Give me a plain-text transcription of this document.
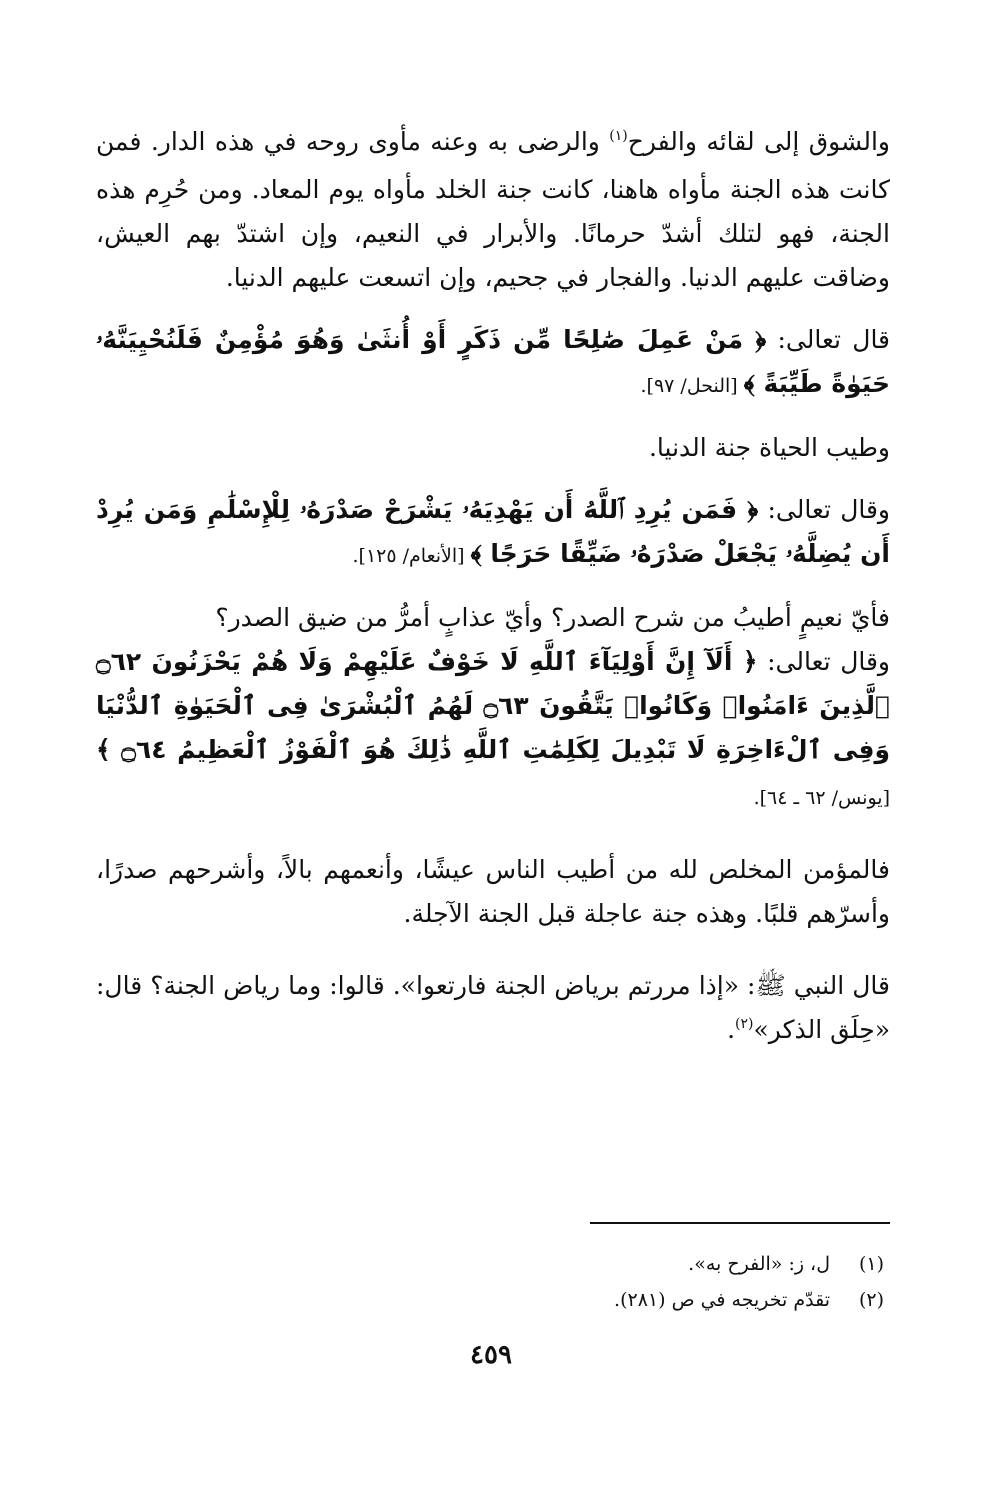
والشوق إلى لقائه والفرح$^{(١)}$ والرضى به وعنه مأوى روحه في هذه الدار. فمن كانت هذه الجنة مأواه هاهنا، كانت جنة الخلد مأواه يوم المعاد. ومن حُرِم هذه الجنة، فهو لتلك أشدّ حرمانًا. والأبرار في النعيم، وإن اشتدّ بهم العيش، وضاقت عليهم الدنيا. والفجار في جحيم، وإن اتسعت عليهم الدنيا.

قال تعالى: ﴿ مَنْ عَمِلَ صَٰلِحًا مِّن ذَكَرٍ أَوْ أُنثَىٰ وَهُوَ مُؤْمِنٌ فَلَنُحْيِيَنَّهُۥ حَيَوٰةً طَيِّبَةً ﴾ [النحل/ ٩٧].

وطيب الحياة جنة الدنيا.

وقال تعالى: ﴿ فَمَن يُرِدِ ٱللَّهُ أَن يَهْدِيَهُۥ يَشْرَحْ صَدْرَهُۥ لِلْإِسْلَٰمِ وَمَن يُرِدْ أَن يُضِلَّهُۥ يَجْعَلْ صَدْرَهُۥ ضَيِّقًا حَرَجًا ﴾ [الأنعام/ ١٢٥].

فأيّ نعيمٍ أطيبُ من شرح الصدر؟ وأيّ عذابٍ أمرُّ من ضيق الصدر؟

وقال تعالى: ﴿ أَلَآ إِنَّ أَوْلِيَآءَ ٱللَّهِ لَا خَوْفٌ عَلَيْهِمْ وَلَا هُمْ يَحْزَنُونَ ۝٦٢ ٱلَّذِينَ ءَامَنُوا۟ وَكَانُوا۟ يَتَّقُونَ ۝٦٣ لَهُمُ ٱلْبُشْرَىٰ فِى ٱلْحَيَوٰةِ ٱلدُّنْيَا وَفِى ٱلْءَاخِرَةِ لَا تَبْدِيلَ لِكَلِمَٰتِ ٱللَّهِ ذَٰلِكَ هُوَ ٱلْفَوْزُ ٱلْعَظِيمُ ۝٦٤ ﴾ [يونس/ ٦٢ ـ ٦٤].

فالمؤمن المخلص لله من أطيب الناس عيشًا، وأنعمهم بالاً، وأشرحهم صدرًا، وأسرّهم قلبًا. وهذه جنة عاجلة قبل الجنة الآجلة.

قال النبي ﷺ: «إذا مررتم برياض الجنة فارتعوا». قالوا: وما رياض الجنة؟ قال: «حِلَق الذكر»$^{(٢)}$.

(١)ل، ز: «الفرح به».

(٢)تقدّم تخريجه في ص (٢٨١).

٤٥٩
